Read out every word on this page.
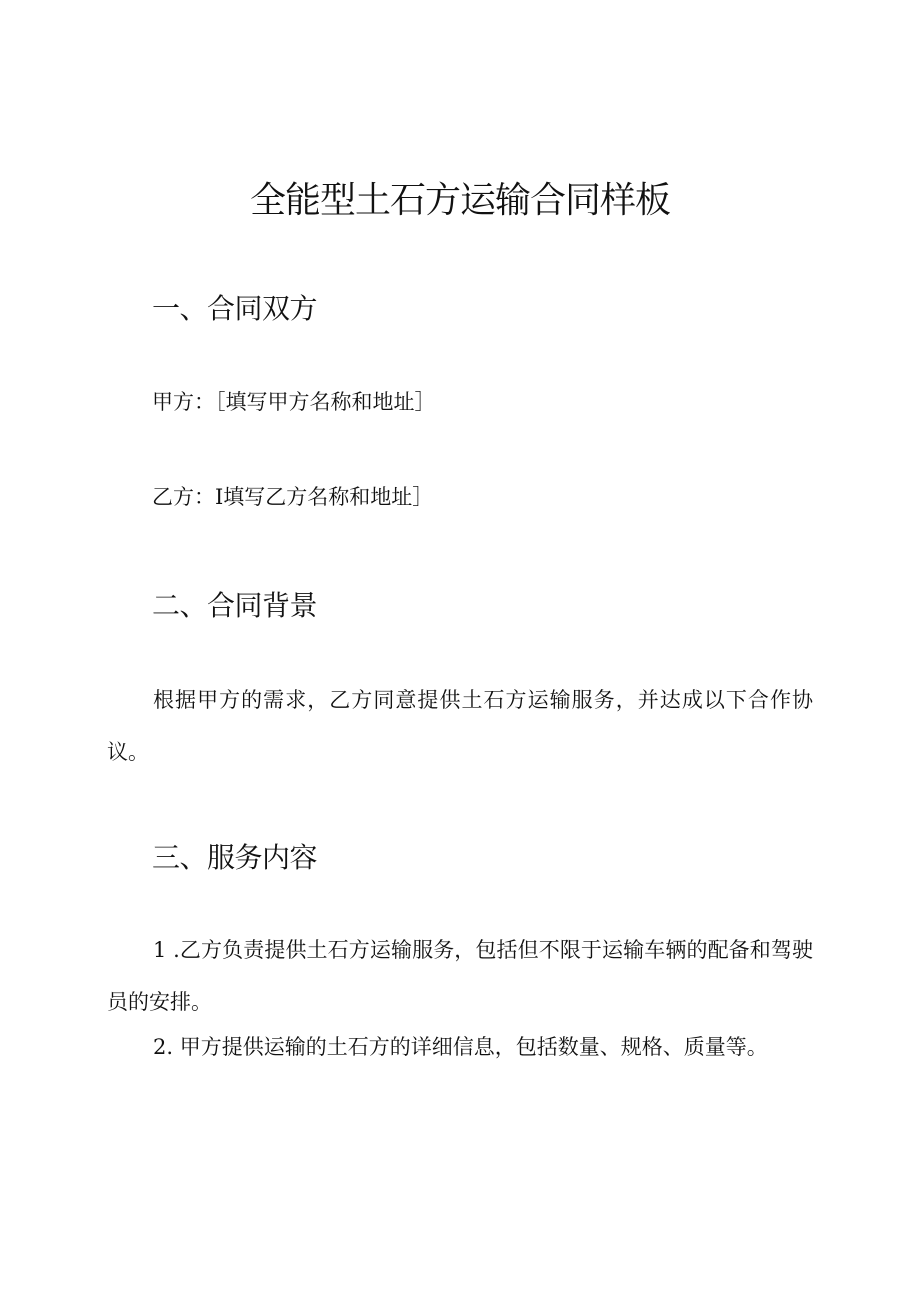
全能型土石方运输合同样板
一、合同双方
甲方：［填写甲方名称和地址］
乙方：I填写乙方名称和地址］
二、合同背景
根据甲方的需求，乙方同意提供土石方运输服务，并达成以下合作协议。
三、服务内容
1 .乙方负责提供土石方运输服务，包括但不限于运输车辆的配备和驾驶员的安排。
2. 甲方提供运输的土石方的详细信息，包括数量、规格、质量等。
